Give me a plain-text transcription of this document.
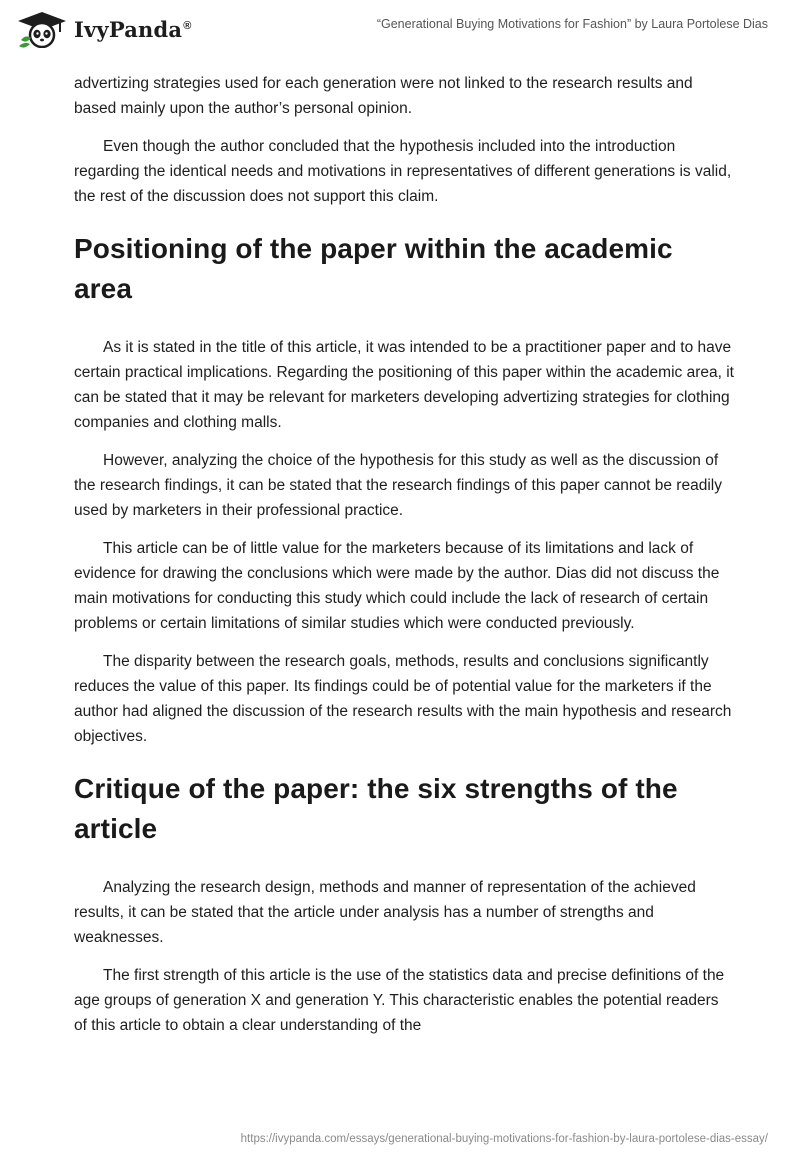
IvyPanda®	“Generational Buying Motivations for Fashion” by Laura Portolese Dias

advertizing strategies used for each generation were not linked to the research results and based mainly upon the author’s personal opinion.

Even though the author concluded that the hypothesis included into the introduction regarding the identical needs and motivations in representatives of different generations is valid, the rest of the discussion does not support this claim.

Positioning of the paper within the academic area

As it is stated in the title of this article, it was intended to be a practitioner paper and to have certain practical implications. Regarding the positioning of this paper within the academic area, it can be stated that it may be relevant for marketers developing advertizing strategies for clothing companies and clothing malls.

However, analyzing the choice of the hypothesis for this study as well as the discussion of the research findings, it can be stated that the research findings of this paper cannot be readily used by marketers in their professional practice.

This article can be of little value for the marketers because of its limitations and lack of evidence for drawing the conclusions which were made by the author. Dias did not discuss the main motivations for conducting this study which could include the lack of research of certain problems or certain limitations of similar studies which were conducted previously.

The disparity between the research goals, methods, results and conclusions significantly reduces the value of this paper. Its findings could be of potential value for the marketers if the author had aligned the discussion of the research results with the main hypothesis and research objectives.

Critique of the paper: the six strengths of the article

Analyzing the research design, methods and manner of representation of the achieved results, it can be stated that the article under analysis has a number of strengths and weaknesses.

The first strength of this article is the use of the statistics data and precise definitions of the age groups of generation X and generation Y. This characteristic enables the potential readers of this article to obtain a clear understanding of the

https://ivypanda.com/essays/generational-buying-motivations-for-fashion-by-laura-portolese-dias-essay/
